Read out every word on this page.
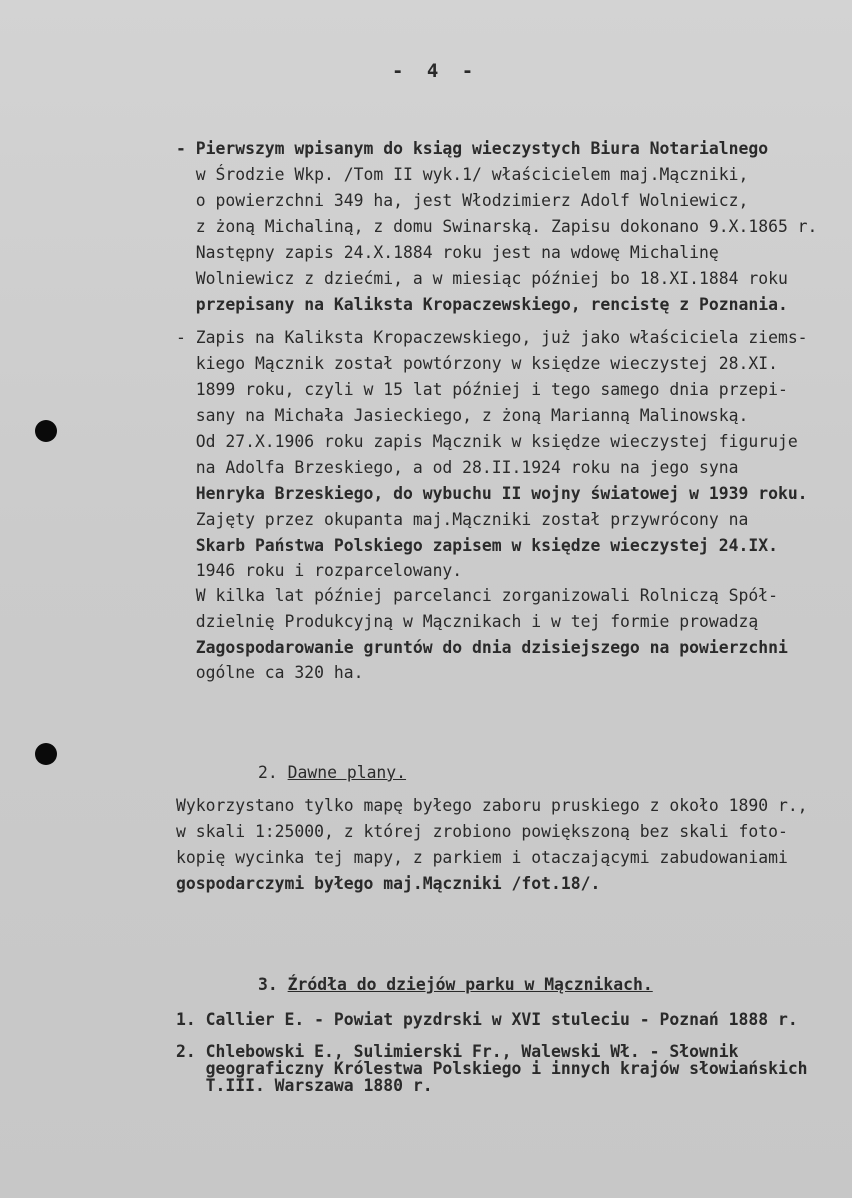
- 4 -
- Pierwszym wpisanym do ksiąg wieczystych Biura Notarialnego
w Środzie Wkp. /Tom II wyk.1/ właścicielem maj.Mączniki,
o powierzchni 349 ha, jest Włodzimierz Adolf Wolniewicz,
z żoną Michaliną, z domu Swinarską. Zapisu dokonano 9.X.1865 r.
Następny zapis 24.X.1884 roku jest na wdowę Michalinę
Wolniewicz z dziećmi, a w miesiąc później bo 18.XI.1884 roku
przepisany na Kaliksta Kropaczewskiego, rencistę z Poznania.
- Zapis na Kaliksta Kropaczewskiego, już jako właściciela ziems-
kiego Mącznik został powtórzony w księdze wieczystej 28.XI.
1899 roku, czyli w 15 lat później i tego samego dnia przepi-
sany na Michała Jasieckiego, z żoną Marianną Malinowską.
Od 27.X.1906 roku zapis Mącznik w księdze wieczystej figuruje
na Adolfa Brzeskiego, a od 28.II.1924 roku na jego syna
Henryka Brzeskiego, do wybuchu II wojny światowej w 1939 roku.
Zajęty przez okupanta maj.Mączniki został przywrócony na
Skarb Państwa Polskiego zapisem w księdze wieczystej 24.IX.
1946 roku i rozparcelowany.
W kilka lat później parcelanci zorganizowali Rolniczą Spół-
dzielnię Produkcyjną w Mącznikach i w tej formie prowadzą
Zagospodarowanie gruntów do dnia dzisiejszego na powierzchni
ogólne ca 320 ha.
2. Dawne plany.
Wykorzystano tylko mapę byłego zaboru pruskiego z około 1890 r.,
w skali 1:25000, z której zrobiono powiększoną bez skali foto-
kopię wycinka tej mapy, z parkiem i otaczającymi zabudowaniami
gospodarczymi byłego maj.Mączniki /fot.18/.
3. Źródła do dziejów parku w Mącznikach.
1. Callier E. - Powiat pyzdrski w XVI stuleciu - Poznań 1888 r.
2. Chlebowski E., Sulimierski Fr., Walewski Wł. - Słownik
geograficzny Królestwa Polskiego i innych krajów słowiańskich
T.III. Warszawa 1880 r.
